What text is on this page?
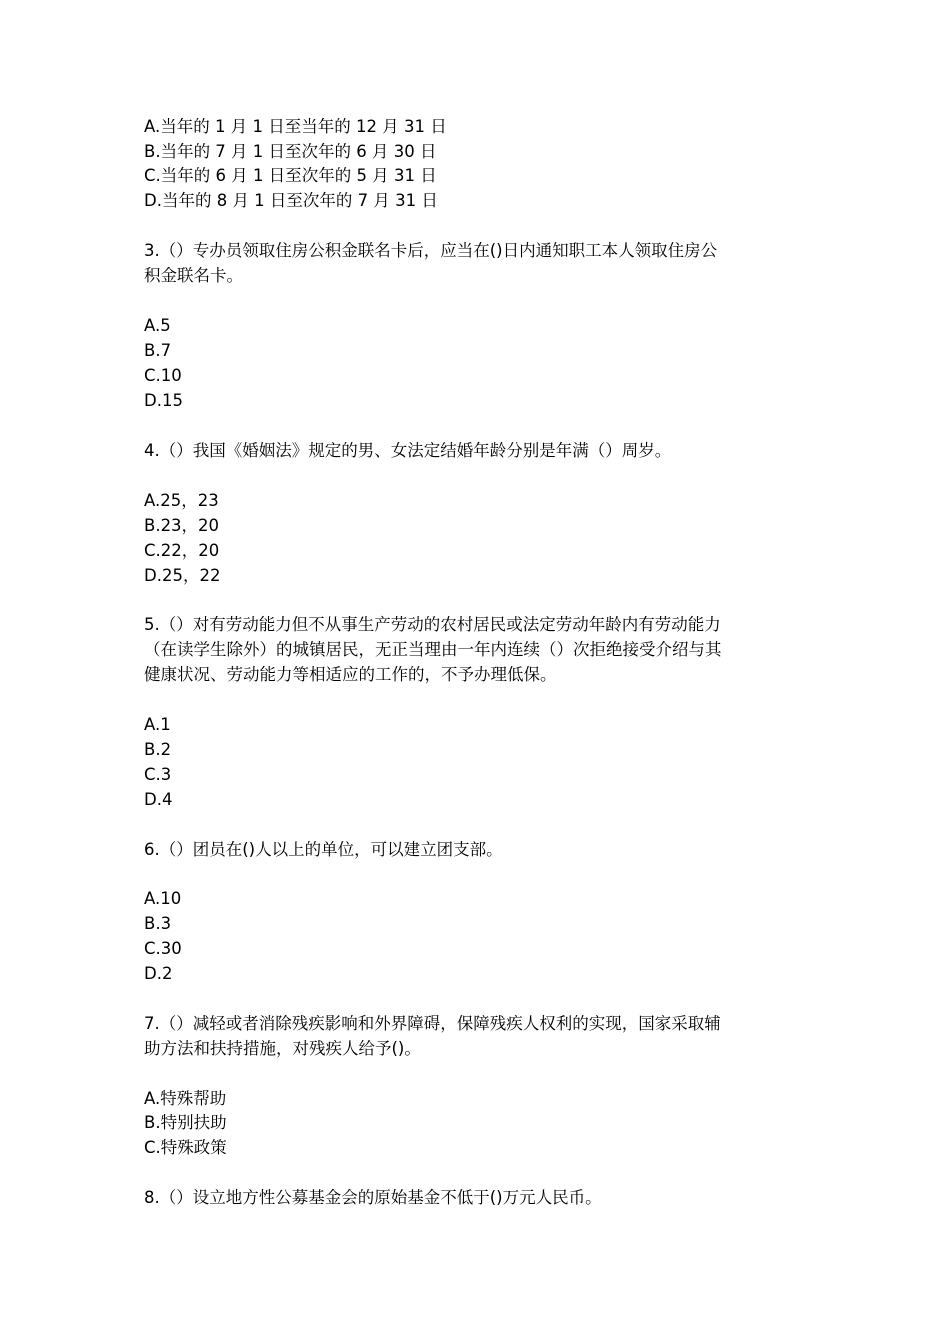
A.当年的 1 月 1 日至当年的 12 月 31 日
B.当年的 7 月 1 日至次年的 6 月 30 日
C.当年的 6 月 1 日至次年的 5 月 31 日
D.当年的 8 月 1 日至次年的 7 月 31 日
3.（）专办员领取住房公积金联名卡后，应当在()日内通知职工本人领取住房公
积金联名卡。
A.5
B.7
C.10
D.15
4.（）我国《婚姻法》规定的男、女法定结婚年龄分别是年满（）周岁。
A.25，23
B.23，20
C.22，20
D.25，22
5.（）对有劳动能力但不从事生产劳动的农村居民或法定劳动年龄内有劳动能力
（在读学生除外）的城镇居民，无正当理由一年内连续（）次拒绝接受介绍与其
健康状况、劳动能力等相适应的工作的，不予办理低保。
A.1
B.2
C.3
D.4
6.（）团员在()人以上的单位，可以建立团支部。
A.10
B.3
C.30
D.2
7.（）减轻或者消除残疾影响和外界障碍，保障残疾人权利的实现，国家采取辅
助方法和扶持措施，对残疾人给予()。
A.特殊帮助
B.特别扶助
C.特殊政策
8.（）设立地方性公募基金会的原始基金不低于()万元人民币。
